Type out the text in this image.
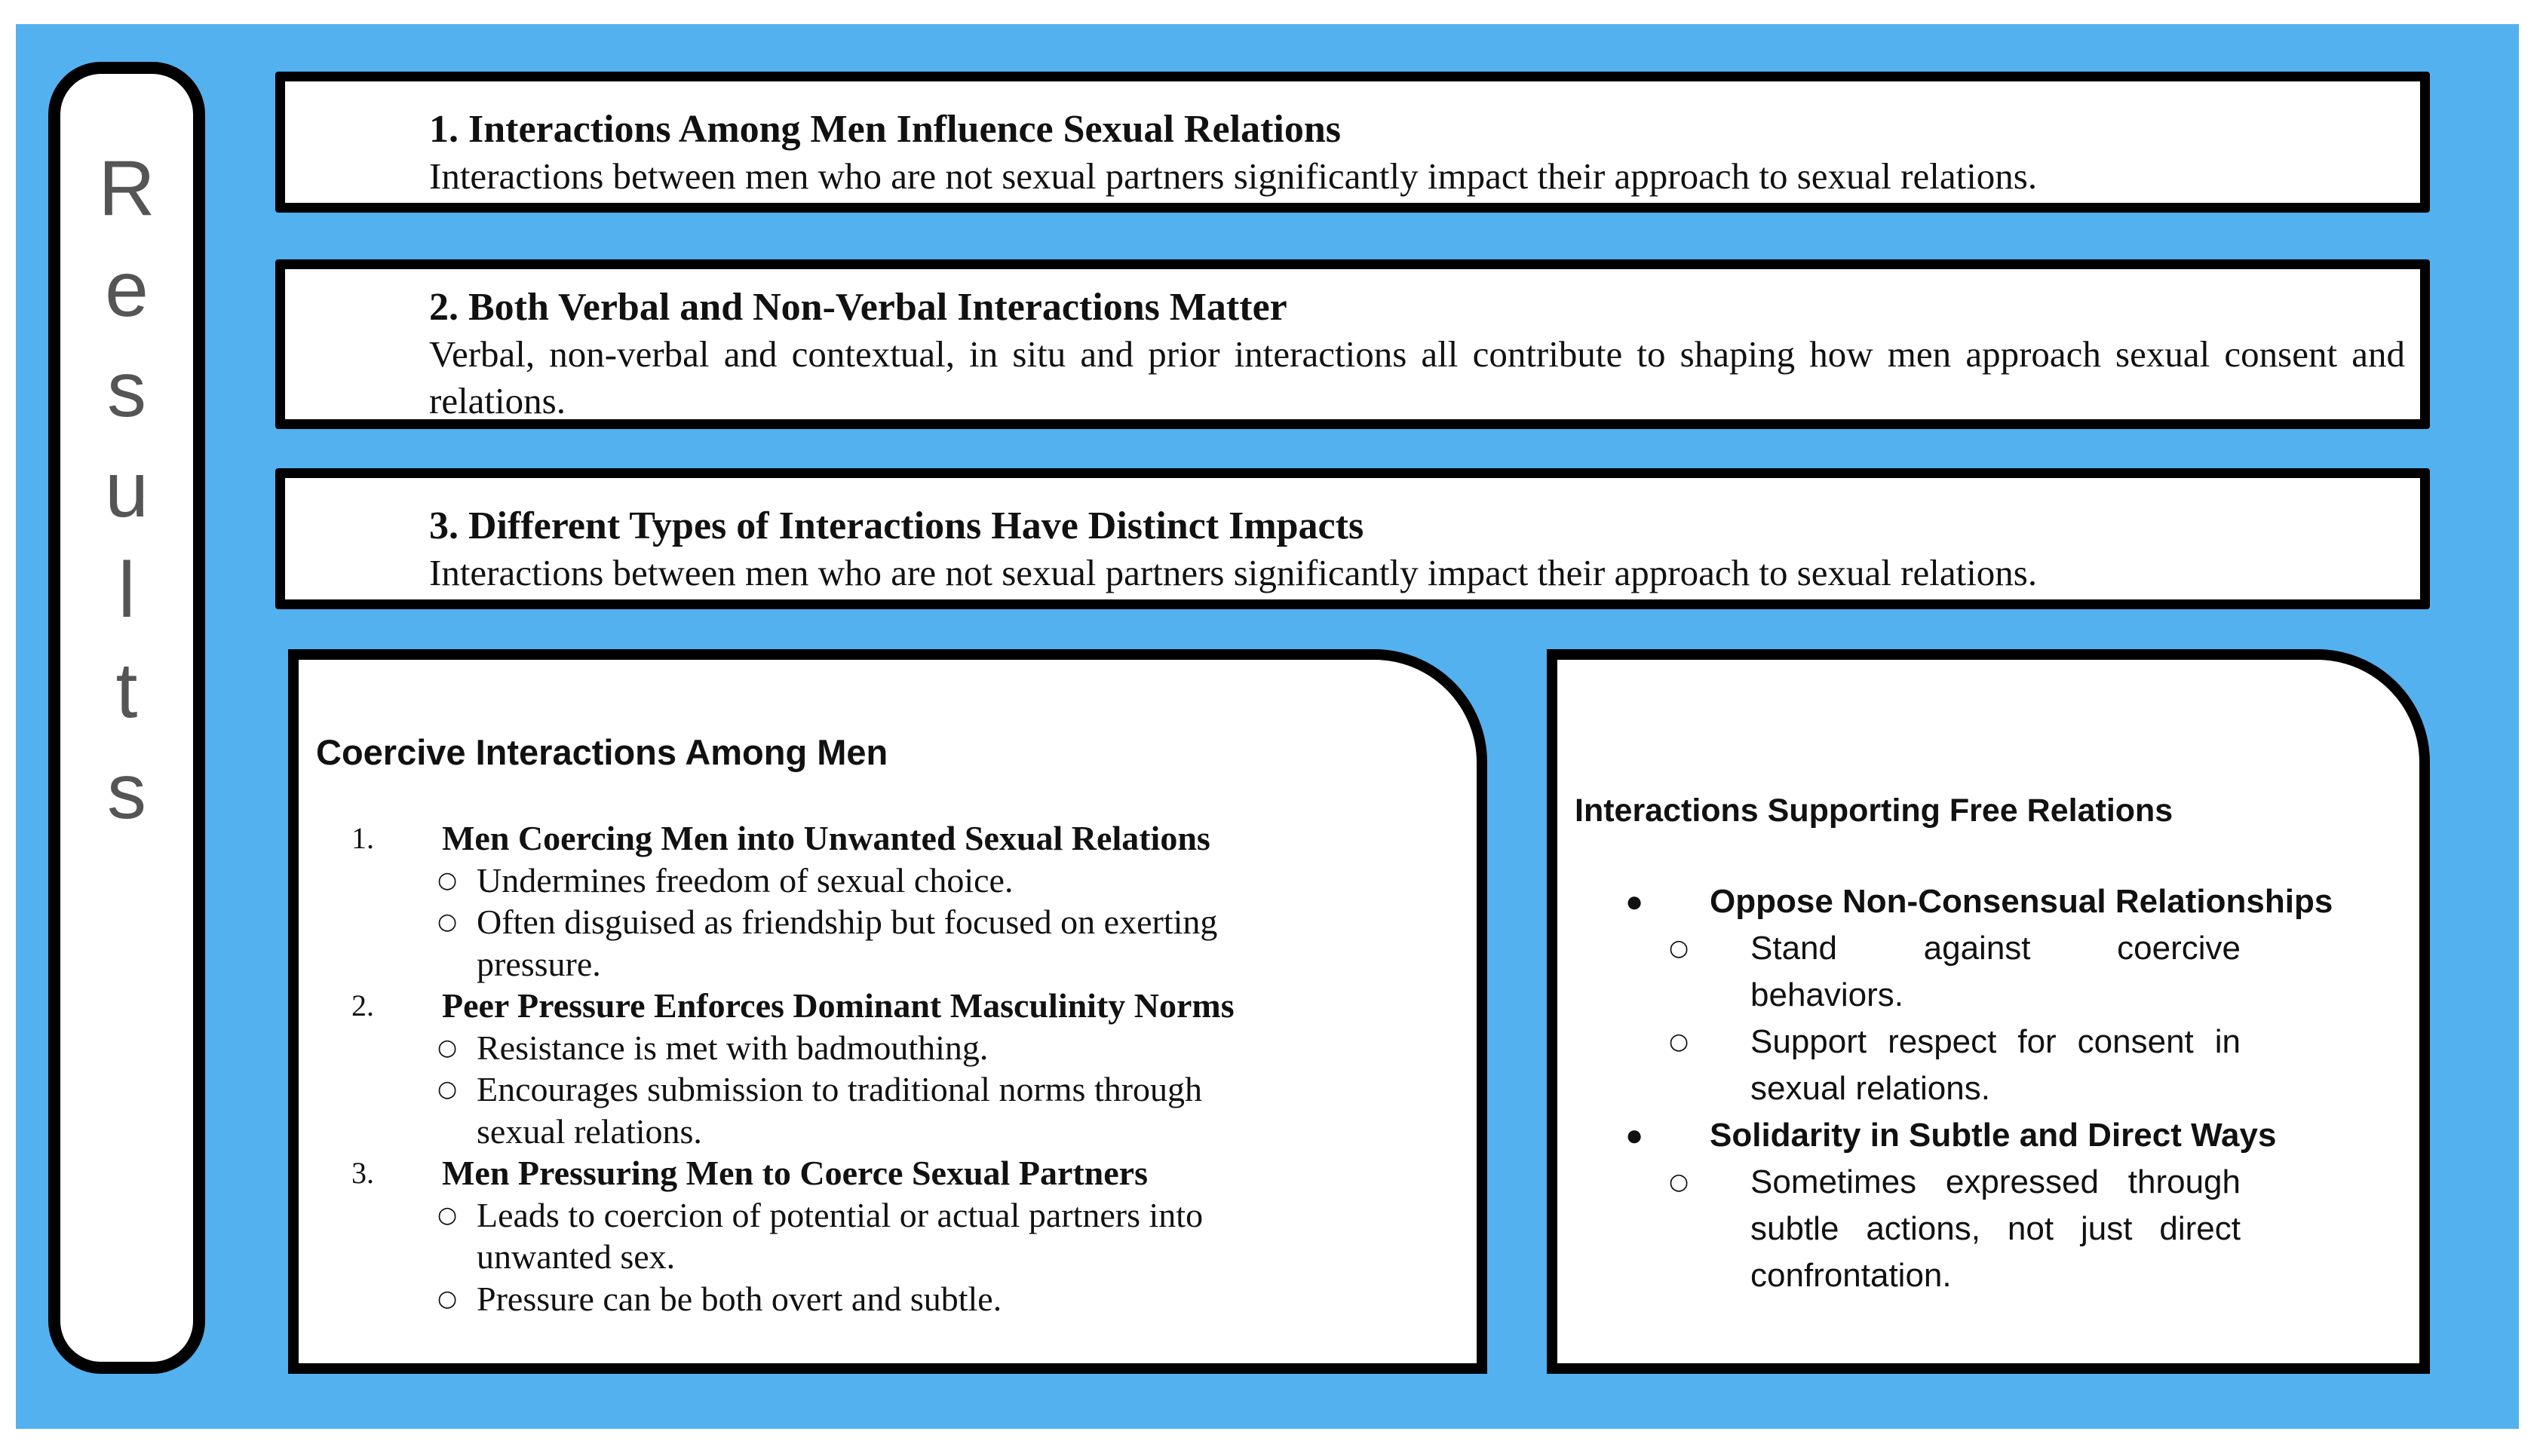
R
e
s
u
l
t
s
1. Interactions Among Men Influence Sexual Relations
Interactions between men who are not sexual partners significantly impact their approach to sexual relations.
2. Both Verbal and Non-Verbal Interactions Matter
Verbal, non-verbal and contextual, in situ and prior interactions all contribute to shaping how men approach sexual consent and relations.
3. Different Types of Interactions Have Distinct Impacts
Interactions between men who are not sexual partners significantly impact their approach to sexual relations.
Coercive Interactions Among Men
1. Men Coercing Men into Unwanted Sexual Relations
○ Undermines freedom of sexual choice.
○ Often disguised as friendship but focused on exerting pressure.
2. Peer Pressure Enforces Dominant Masculinity Norms
○ Resistance is met with badmouthing.
○ Encourages submission to traditional norms through sexual relations.
3. Men Pressuring Men to Coerce Sexual Partners
○ Leads to coercion of potential or actual partners into unwanted sex.
○ Pressure can be both overt and subtle.
Interactions Supporting Free Relations
● Oppose Non-Consensual Relationships
○ Stand against coercive behaviors.
○ Support respect for consent in sexual relations.
● Solidarity in Subtle and Direct Ways
○ Sometimes expressed through subtle actions, not just direct confrontation.
